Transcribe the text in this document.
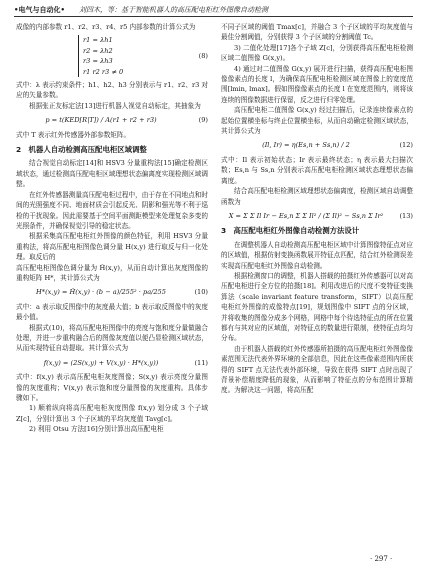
•电气与自动化• 刘四木，等：基于智能机器人的高压配电柜红外图像自动检测

成像的内部参数 r1、r2、r3、r4、r5 内部参数的计算公式为

r1 = λh1
r2 = λh2
r3 = λh3
r1 r2 r3 ≠ 0
(8)

式中：λ 表示约束条件；h1、h2、h3 分别表示与 r1、r2、r3 对应的矢量参数。

根据张正友标定法[13]进行机器人视觉自动标定，其抽象为

p = t(KED[R|T]) / A(r1 + r2 + r3)	(9)

式中 T 表示红外传感器外部参数矩阵。

2　机器人自动检测高压配电柜区域调整

结合视觉自动标定[14]和 HSV3 分量重构法[15]确定检测区域状态，通过检测高压配电柜区域理想状态偏离度实现检测区域调整。

在红外传感器测量高压配电柜过程中，由于存在不同地点和时间的光照强度不同、地面材质会引起反光、阴影和强光等不利于巡检的干扰现象。因此需要基于空间平面测距模型来处理复杂多变的光照条件，并确保视觉引导的稳定状态。

根据采集高压配电柜红外图像的颜色特征，利用 HSV3 分量重构法，将高压配电柜图像色调分量 H(x,y) 进行取反与归一化处理。取反后的

高压配电柜图像色调分量为 Ĥ(x,y)，从而自动计算出灰度图像的重构矩阵 H*，其计算公式为

H*(x,y) = Ĥ(x,y) · (b − a)/255² · pa/255	(10)

式中：a 表示取反图像中的灰度最大值；b 表示取反图像中的灰度最小值。

根据式(10)，将高压配电柜图像中的亮度与饱和度分量做融合处理，并进一步重构融合后的图像灰度值以便凸显检测区域状态，从而实现特征自动提取。其计算公式为

f(x,y) = (2S(x,y) + V(x,y) · H*(x,y))	(11)

式中：f(x,y) 表示高压配电柜灰度图像；S(x,y) 表示亮度分量图像的灰度重构；V(x,y) 表示饱和度分量图像的灰度重构。具体步骤如下。

1) 顺着纵向将高压配电柜灰度图像 f(x,y) 划分成 3 个子域 Z[c]，分别计算出 3 个子区域的平均灰度值 Tavg[c]。

2) 利用 Otsu 方法[16]分别计算出高压配电柜

不同子区域的阈值 Tmax[c]，并融合 3 个子区域的平均灰度值与最佳分割阈值，分别获得 3 个子区域的分割阈值 Tc。

3) 二值化处理[17]各个子域 Z[c]，分别获得高压配电柜检测区域二值图像 G(x,y)。

4) 通过对二值图像 G(x,y) 展开进行扫描，获得高压配电柜图像像素点的长度 l，为确保高压配电柜检测区域在图像上的宽度范围[lmin, lmax]。假如图像像素点的长度 l 在宽度范围内，则将该连续的图像数据进行保留，反之进行归零处理。

高压配电柜二值图像 G(x,y) 经过扫描后，记录连续像素点的起始位置横坐标与终止位置横坐标，从而自动确定检测区域状态，其计算公式为

(Il, Ir) = η(Es,n + Ss,n) / 2	(12)

式中：Il 表示初始状态；Ir 表示最终状态；η 表示最大扫描次数；Es,n 与 Ss,n 分别表示高压配电柜检测区域状态理想状态偏离度。

结合高压配电柜检测区域理想状态偏离度，检测区域自动调整函数为

X = Σ Σ Il Ir − Es,n Σ Σ Il² / (Σ Il)² − Ss,n Σ Ir²	(13)
3　高压配电柜红外图像自动检测方法设计

在调整机器人自动检测高压配电柜区域中计算图像特征点对应的区域值，根据仿射变换函数展开特征点匹配，结合红外检测误差实现高压配电柜红外图像自动检测。

根据检测窗口的调整，机器人搭载的拍摄红外传感器可以对高压配电柜进行全方位的拍摄[18]。利用改进后的尺度不变特征变换算法（scale invariant feature transform，SIFT）以高压配电柜红外图像的成像特点[19]，规划图像中 SIFT 点的分区域，并将收集的图像分成多个网格，网格中每个待选特征点的所在位置都有与其对应的区域值，对特征点的数量进行限制，使特征点均匀分布。

由于机器人搭载的红外传感器所拍摄的高压配电柜红外图像像素范围无法代表外界环境的全部信息，因此在这些像素范围内所获得的 SIFT 点无法代表外部环境，导致在获得 SIFT 点时出现了背景补偿精度降低的现象，从而影响了特征点的分布范围计算精度。为解决这一问题，将高压配

· 297 ·
